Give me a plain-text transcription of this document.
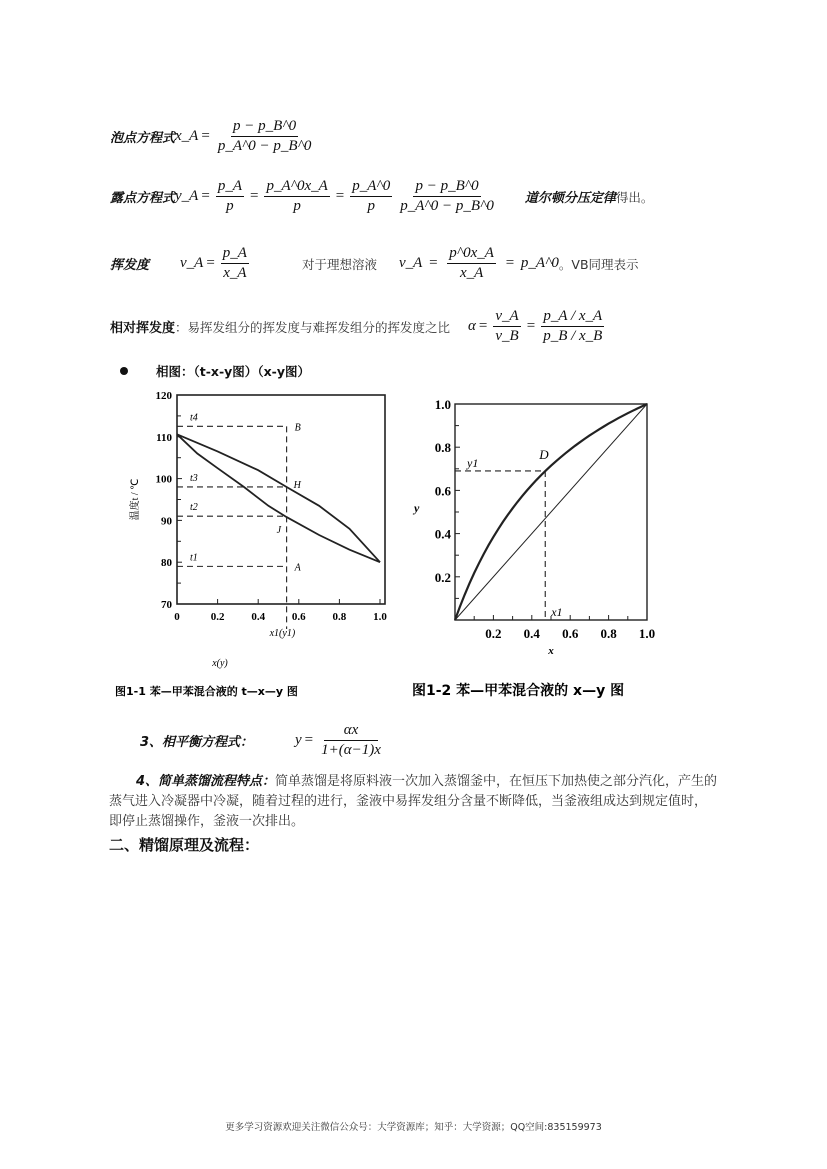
泡点方程式 x_A = $\frac{p - p\_B\^{}0}{p\_A\^{}0 - p\_B\^{}0}$
露点方程式 y_A = $\frac{p\_A}{p} = \frac{p\_A\^{}0x\_A}{p} = \frac{p\_A\^{}0}{p} \frac{p - p\_B\^{}0}{p\_A\^{}0 - p\_B\^{}0}$ 道尔顿分压定律 得出。
挥发度	v_A = $\frac{p\_A}{x\_A}$	对于理想溶液 v_A = $\frac{p\^{}0x\_A}{x\_A}$ = p_A^0 。VB同理表示
相对挥发度 ： 易挥发组分的挥发度与难挥发组分的挥发度之比 $\alpha = \frac{v\_A}{v\_B} = \frac{p\_A / x\_A}{p\_B / x\_B}$
相图：（t-x-y图）（x-y图）
70
80
90
100
110
120
0	0.2 0.4 0.6 0.8 1.0
t4
t3
t2
t1
B
H
J
A
x1(y1)
x(y)
温度t / ℃
图1-1 苯—甲苯混合液的 t—x—y 图
0.2
0.4
0.6
0.8
1.0
0.2 0.4 0.6 0.8 1.0
D
y1
x1
x
y
图1-2 苯—甲苯混合液的 x—y 图
3、相平衡方程式：	$y = \frac{\alpha x}{1+(\alpha-1)x}$
4、简单蒸馏流程特点：简单蒸馏是将原料液一次加入蒸馏釜中，在恒压下加热使之部分汽化，产生的蒸气进入冷凝器中冷凝，随着过程的进行，釜液中易挥发组分含量不断降低，当釜液组成达到规定值时，即停止蒸馏操作，釜液一次排出。
二、精馏原理及流程：
更多学习资源欢迎关注微信公众号：大学资源库；知乎：大学资源；QQ空间:835159973
